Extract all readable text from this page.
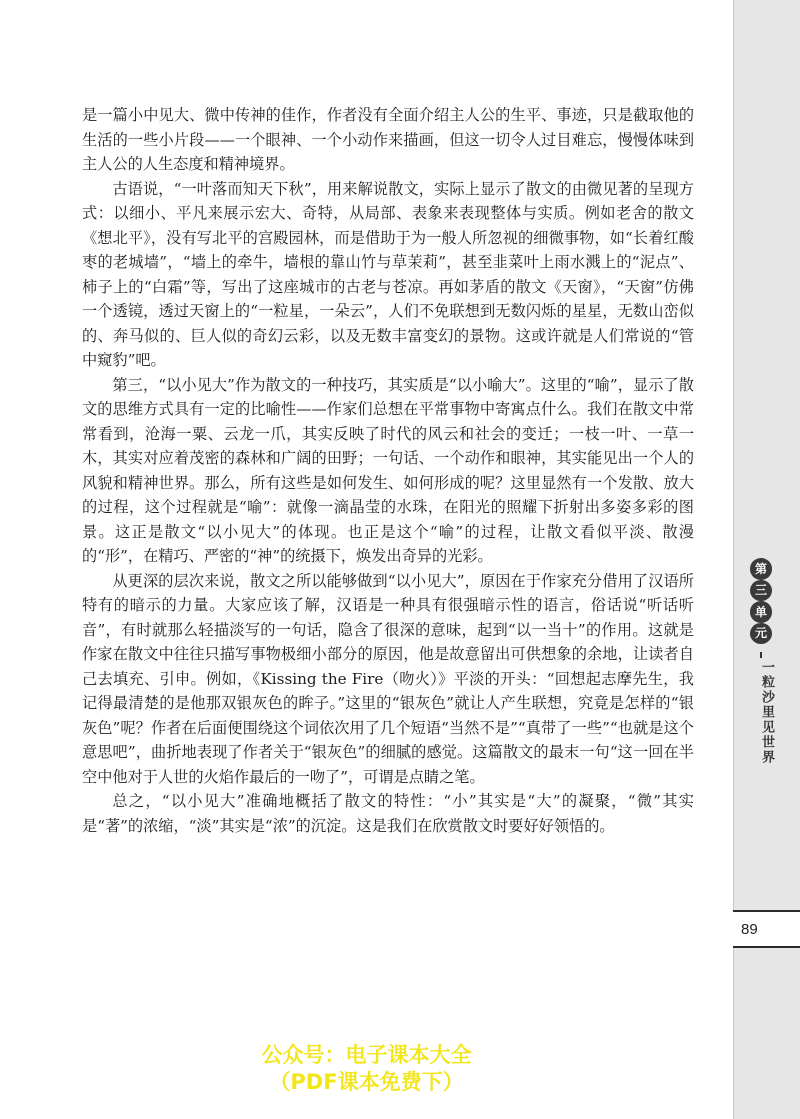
第
三
单
元
一粒沙里见世界
89

是一篇小中见大、微中传神的佳作，作者没有全面介绍主人公的生平、事迹，只是截取他的生活的一些小片段——一个眼神、一个小动作来描画，但这一切令人过目难忘，慢慢体味到主人公的人生态度和精神境界。

古语说，“一叶落而知天下秋”，用来解说散文，实际上显示了散文的由微见著的呈现方式：以细小、平凡来展示宏大、奇特，从局部、表象来表现整体与实质。例如老舍的散文《想北平》，没有写北平的宫殿园林，而是借助于为一般人所忽视的细微事物，如“长着红酸枣的老城墙”，“墙上的牵牛，墙根的靠山竹与草茉莉”，甚至韭菜叶上雨水溅上的“泥点”、柿子上的“白霜”等，写出了这座城市的古老与苍凉。再如茅盾的散文《天窗》，“天窗”仿佛一个透镜，透过天窗上的“一粒星，一朵云”，人们不免联想到无数闪烁的星星，无数山峦似的、奔马似的、巨人似的奇幻云彩，以及无数丰富变幻的景物。这或许就是人们常说的“管中窥豹”吧。

第三，“以小见大”作为散文的一种技巧，其实质是“以小喻大”。这里的“喻”，显示了散文的思维方式具有一定的比喻性——作家们总想在平常事物中寄寓点什么。我们在散文中常常看到，沧海一粟、云龙一爪，其实反映了时代的风云和社会的变迁；一枝一叶、一草一木，其实对应着茂密的森林和广阔的田野；一句话、一个动作和眼神，其实能见出一个人的风貌和精神世界。那么，所有这些是如何发生、如何形成的呢？这里显然有一个发散、放大的过程，这个过程就是“喻”：就像一滴晶莹的水珠，在阳光的照耀下折射出多姿多彩的图景。这正是散文“以小见大”的体现。也正是这个“喻”的过程，让散文看似平淡、散漫的“形”，在精巧、严密的“神”的统摄下，焕发出奇异的光彩。

从更深的层次来说，散文之所以能够做到“以小见大”，原因在于作家充分借用了汉语所特有的暗示的力量。大家应该了解，汉语是一种具有很强暗示性的语言，俗话说“听话听音”，有时就那么轻描淡写的一句话，隐含了很深的意味，起到“以一当十”的作用。这就是作家在散文中往往只描写事物极细小部分的原因，他是故意留出可供想象的余地，让读者自己去填充、引申。例如，《Kissing the Fire（吻火）》平淡的开头：“回想起志摩先生，我记得最清楚的是他那双银灰色的眸子。”这里的“银灰色”就让人产生联想，究竟是怎样的“银灰色”呢？作者在后面便围绕这个词依次用了几个短语“当然不是”“真带了一些”“也就是这个意思吧”，曲折地表现了作者关于“银灰色”的细腻的感觉。这篇散文的最末一句“这一回在半空中他对于人世的火焰作最后的一吻了”，可谓是点睛之笔。

总之，“以小见大”准确地概括了散文的特性：“小”其实是“大”的凝聚，“微”其实是“著”的浓缩，“淡”其实是“浓”的沉淀。这是我们在欣赏散文时要好好领悟的。

公众号：电子课本大全
（PDF课本免费下）
